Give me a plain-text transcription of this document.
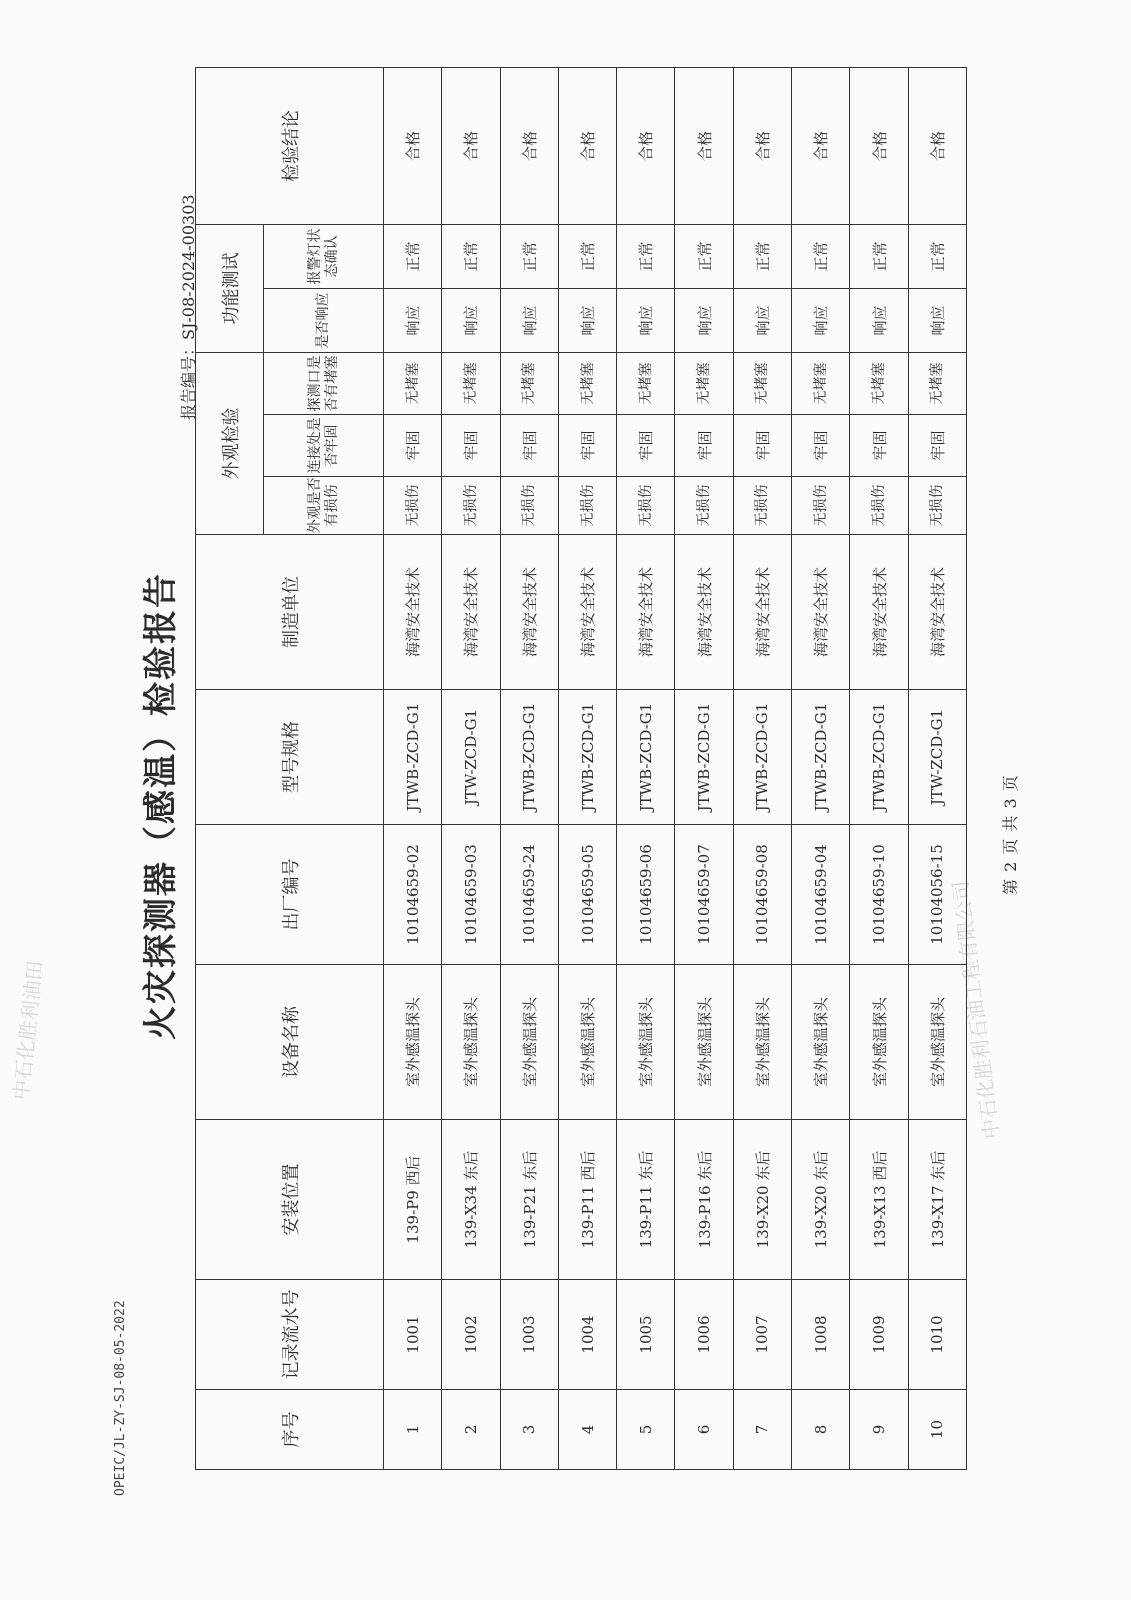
中石化胜利油田	中石化胜利石油工程有限公司
OPEIC/JL-ZY-SJ-08-05-2022
火灾探测器（感温）检验报告
报告编号：SJ-08-2024-00303
序号	记录流水号	安装位置	设备名称	出厂编号	型号规格	制造单位	外观检验			功能测试		检验结论
							外观是否有损伤	连接处是否牢固	探测口是否有堵塞	是否响应	报警灯状态确认	
1	1001	139-P9 西后	室外感温探头	10104659-02	JTWB-ZCD-G1	海湾安全技术	无损伤	牢固	无堵塞	响应	正常	合格
2	1002	139-X34 东后	室外感温探头	10104659-03	JTW-ZCD-G1	海湾安全技术	无损伤	牢固	无堵塞	响应	正常	合格
3	1003	139-P21 东后	室外感温探头	10104659-24	JTWB-ZCD-G1	海湾安全技术	无损伤	牢固	无堵塞	响应	正常	合格
4	1004	139-P11 西后	室外感温探头	10104659-05	JTWB-ZCD-G1	海湾安全技术	无损伤	牢固	无堵塞	响应	正常	合格
5	1005	139-P11 东后	室外感温探头	10104659-06	JTWB-ZCD-G1	海湾安全技术	无损伤	牢固	无堵塞	响应	正常	合格
6	1006	139-P16 东后	室外感温探头	10104659-07	JTWB-ZCD-G1	海湾安全技术	无损伤	牢固	无堵塞	响应	正常	合格
7	1007	139-X20 东后	室外感温探头	10104659-08	JTWB-ZCD-G1	海湾安全技术	无损伤	牢固	无堵塞	响应	正常	合格
8	1008	139-X20 东后	室外感温探头	10104659-04	JTWB-ZCD-G1	海湾安全技术	无损伤	牢固	无堵塞	响应	正常	合格
9	1009	139-X13 西后	室外感温探头	10104659-10	JTWB-ZCD-G1	海湾安全技术	无损伤	牢固	无堵塞	响应	正常	合格
10	1010	139-X17 东后	室外感温探头	10104056-15	JTW-ZCD-G1	海湾安全技术	无损伤	牢固	无堵塞	响应	正常	合格
第 2 页 共 3 页
